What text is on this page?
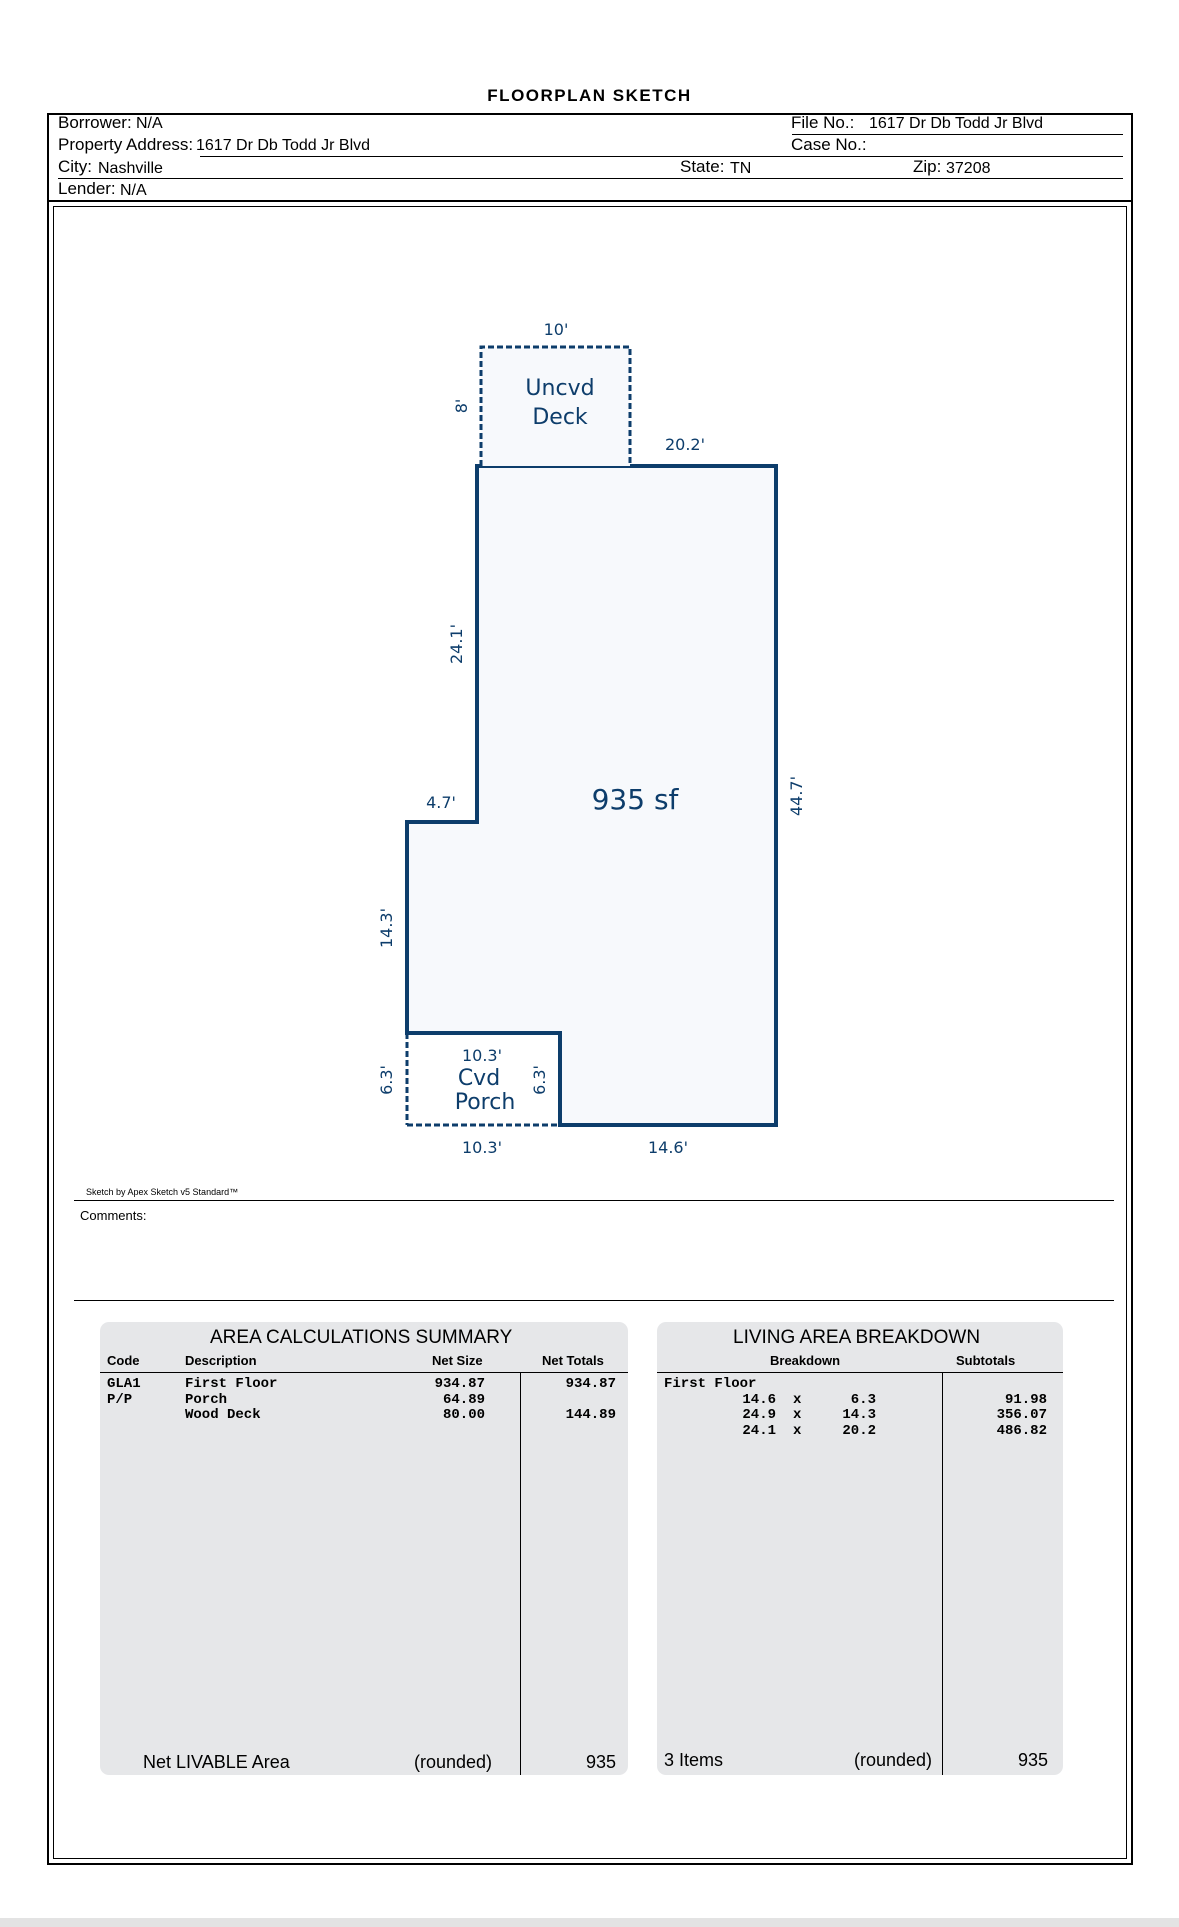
FLOORPLAN SKETCH
Borrower: N/A	File No.: 1617 Dr Db Todd Jr Blvd
Property Address: 1617 Dr Db Todd Jr Blvd	Case No.:
City: Nashville	State: TN	Zip: 37208
Lender: N/A
Uncvd
Deck
935 sf
Cvd
Porch
10'
8'
20.2'
24.1'
4.7'	44.7'
14.3'
10.3'
6.3'	6.3'
10.3'	14.6'
Sketch by Apex Sketch v5 Standard™
Comments:
AREA CALCULATIONS SUMMARY
Code	Description	Net Size	Net Totals
GLA1	First Floor	934.87	934.87
P/P	Porch	64.89
Wood Deck	80.00	144.89
Net LIVABLE Area	(rounded)	935
LIVING AREA BREAKDOWN
Breakdown	Subtotals
First Floor
14.6 x	6.3	91.98
24.9 x	14.3	356.07
24.1 x	20.2	486.82
3 Items	(rounded)	935
